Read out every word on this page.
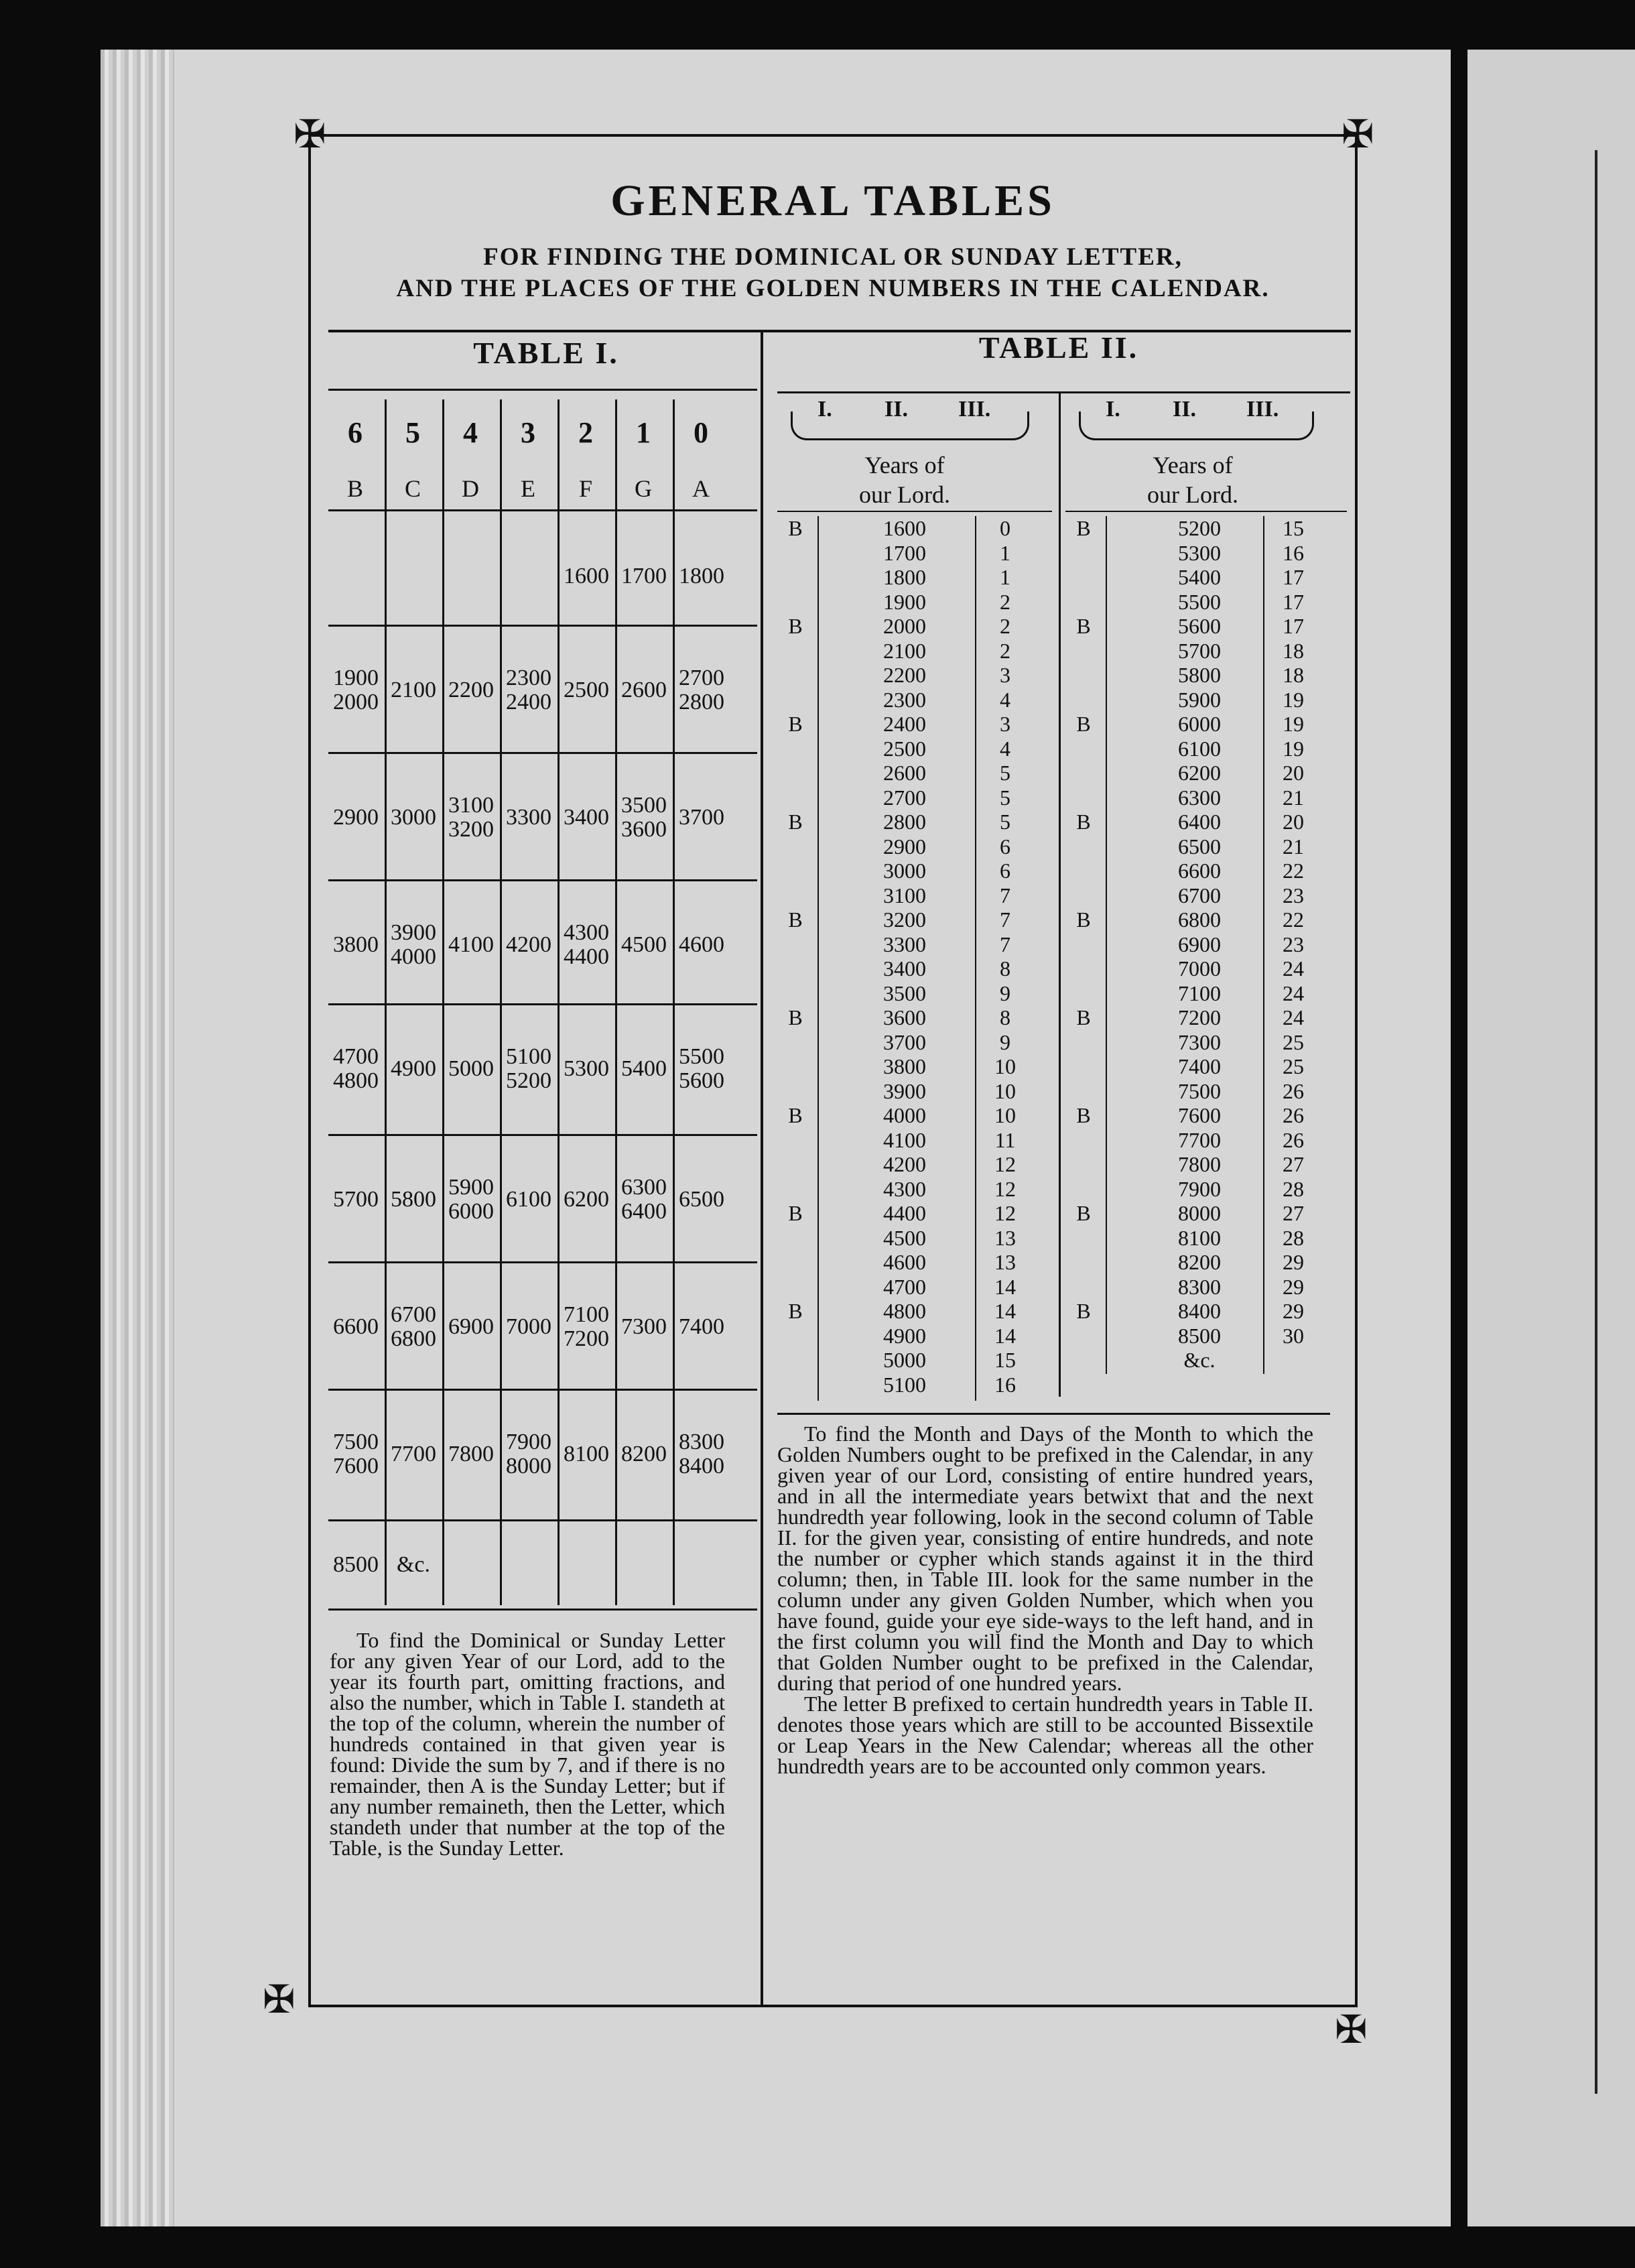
✠	✠
✠
✠
GENERAL TABLES
FOR FINDING THE DOMINICAL OR SUNDAY LETTER,
AND THE PLACES OF THE GOLDEN NUMBERS IN THE CALENDAR.
TABLE I.	TABLE II.
6
B
5
C
4
D
3
E
2
F
1
G
0
A
1600 1700 1800
1900
2000 2100 2200 2300
2400 2500 2600 2700
2800
2900 3000 3100
3200 3300 3400 3500
3600 3700
3800 3900
4000 4100 4200 4300
4400 4500 4600
4700
4800 4900 5000 5100
5200 5300 5400 5500
5600
5700 5800 5900
6000 6100 6200 6300
6400 6500
6600 6700
6800 6900 7000 7100
7200 7300 7400
7500
7600 7700 7800 7900
8000 8100 8200 8300
8400
8500 &c.
I. II. III.
Years of
our Lord.
I. II. III.
Years of
our Lord.
B
B
B
B
B
B
B
B
B
1600
1700
1800
1900
2000
2100
2200
2300
2400
2500
2600
2700
2800
2900
3000
3100
3200
3300
3400
3500
3600
3700
3800
3900
4000
4100
4200
4300
4400
4500
4600
4700
4800
4900
5000
5100
0
1
1
2
2
2
3
4
3
4
5
5
5
6
6
7
7
7
8
9
8
9
10
10
10
11
12
12
12
13
13
14
14
14
15
16
B
B
B
B
B
B
B
B
B
5200
5300
5400
5500
5600
5700
5800
5900
6000
6100
6200
6300
6400
6500
6600
6700
6800
6900
7000
7100
7200
7300
7400
7500
7600
7700
7800
7900
8000
8100
8200
8300
8400
8500
&c.
15
16
17
17
17
18
18
19
19
19
20
21
20
21
22
23
22
23
24
24
24
25
25
26
26
26
27
28
27
28
29
29
29
30

To find the Dominical or Sunday Letter for any given Year of our Lord, add to the year its fourth part, omitting fractions, and also the number, which in Table I. standeth at the top of the column, wherein the number of hundreds contained in that given year is found: Divide the sum by 7, and if there is no remainder, then A is the Sunday Letter; but if any number remaineth, then the Letter, which standeth under that number at the top of the Table, is the Sunday Letter.

To find the Month and Days of the Month to which the Golden Numbers ought to be prefixed in the Calendar, in any given year of our Lord, consisting of entire hundred years, and in all the intermediate years betwixt that and the next hundredth year following, look in the second column of Table II. for the given year, consisting of entire hundreds, and note the number or cypher which stands against it in the third column; then, in Table III. look for the same number in the column under any given Golden Number, which when you have found, guide your eye side-ways to the left hand, and in the first column you will find the Month and Day to which that Golden Number ought to be prefixed in the Calendar, during that period of one hundred years.

The letter B prefixed to certain hundredth years in Table II. denotes those years which are still to be accounted Bissextile or Leap Years in the New Calendar; whereas all the other hundredth years are to be accounted only common years.
